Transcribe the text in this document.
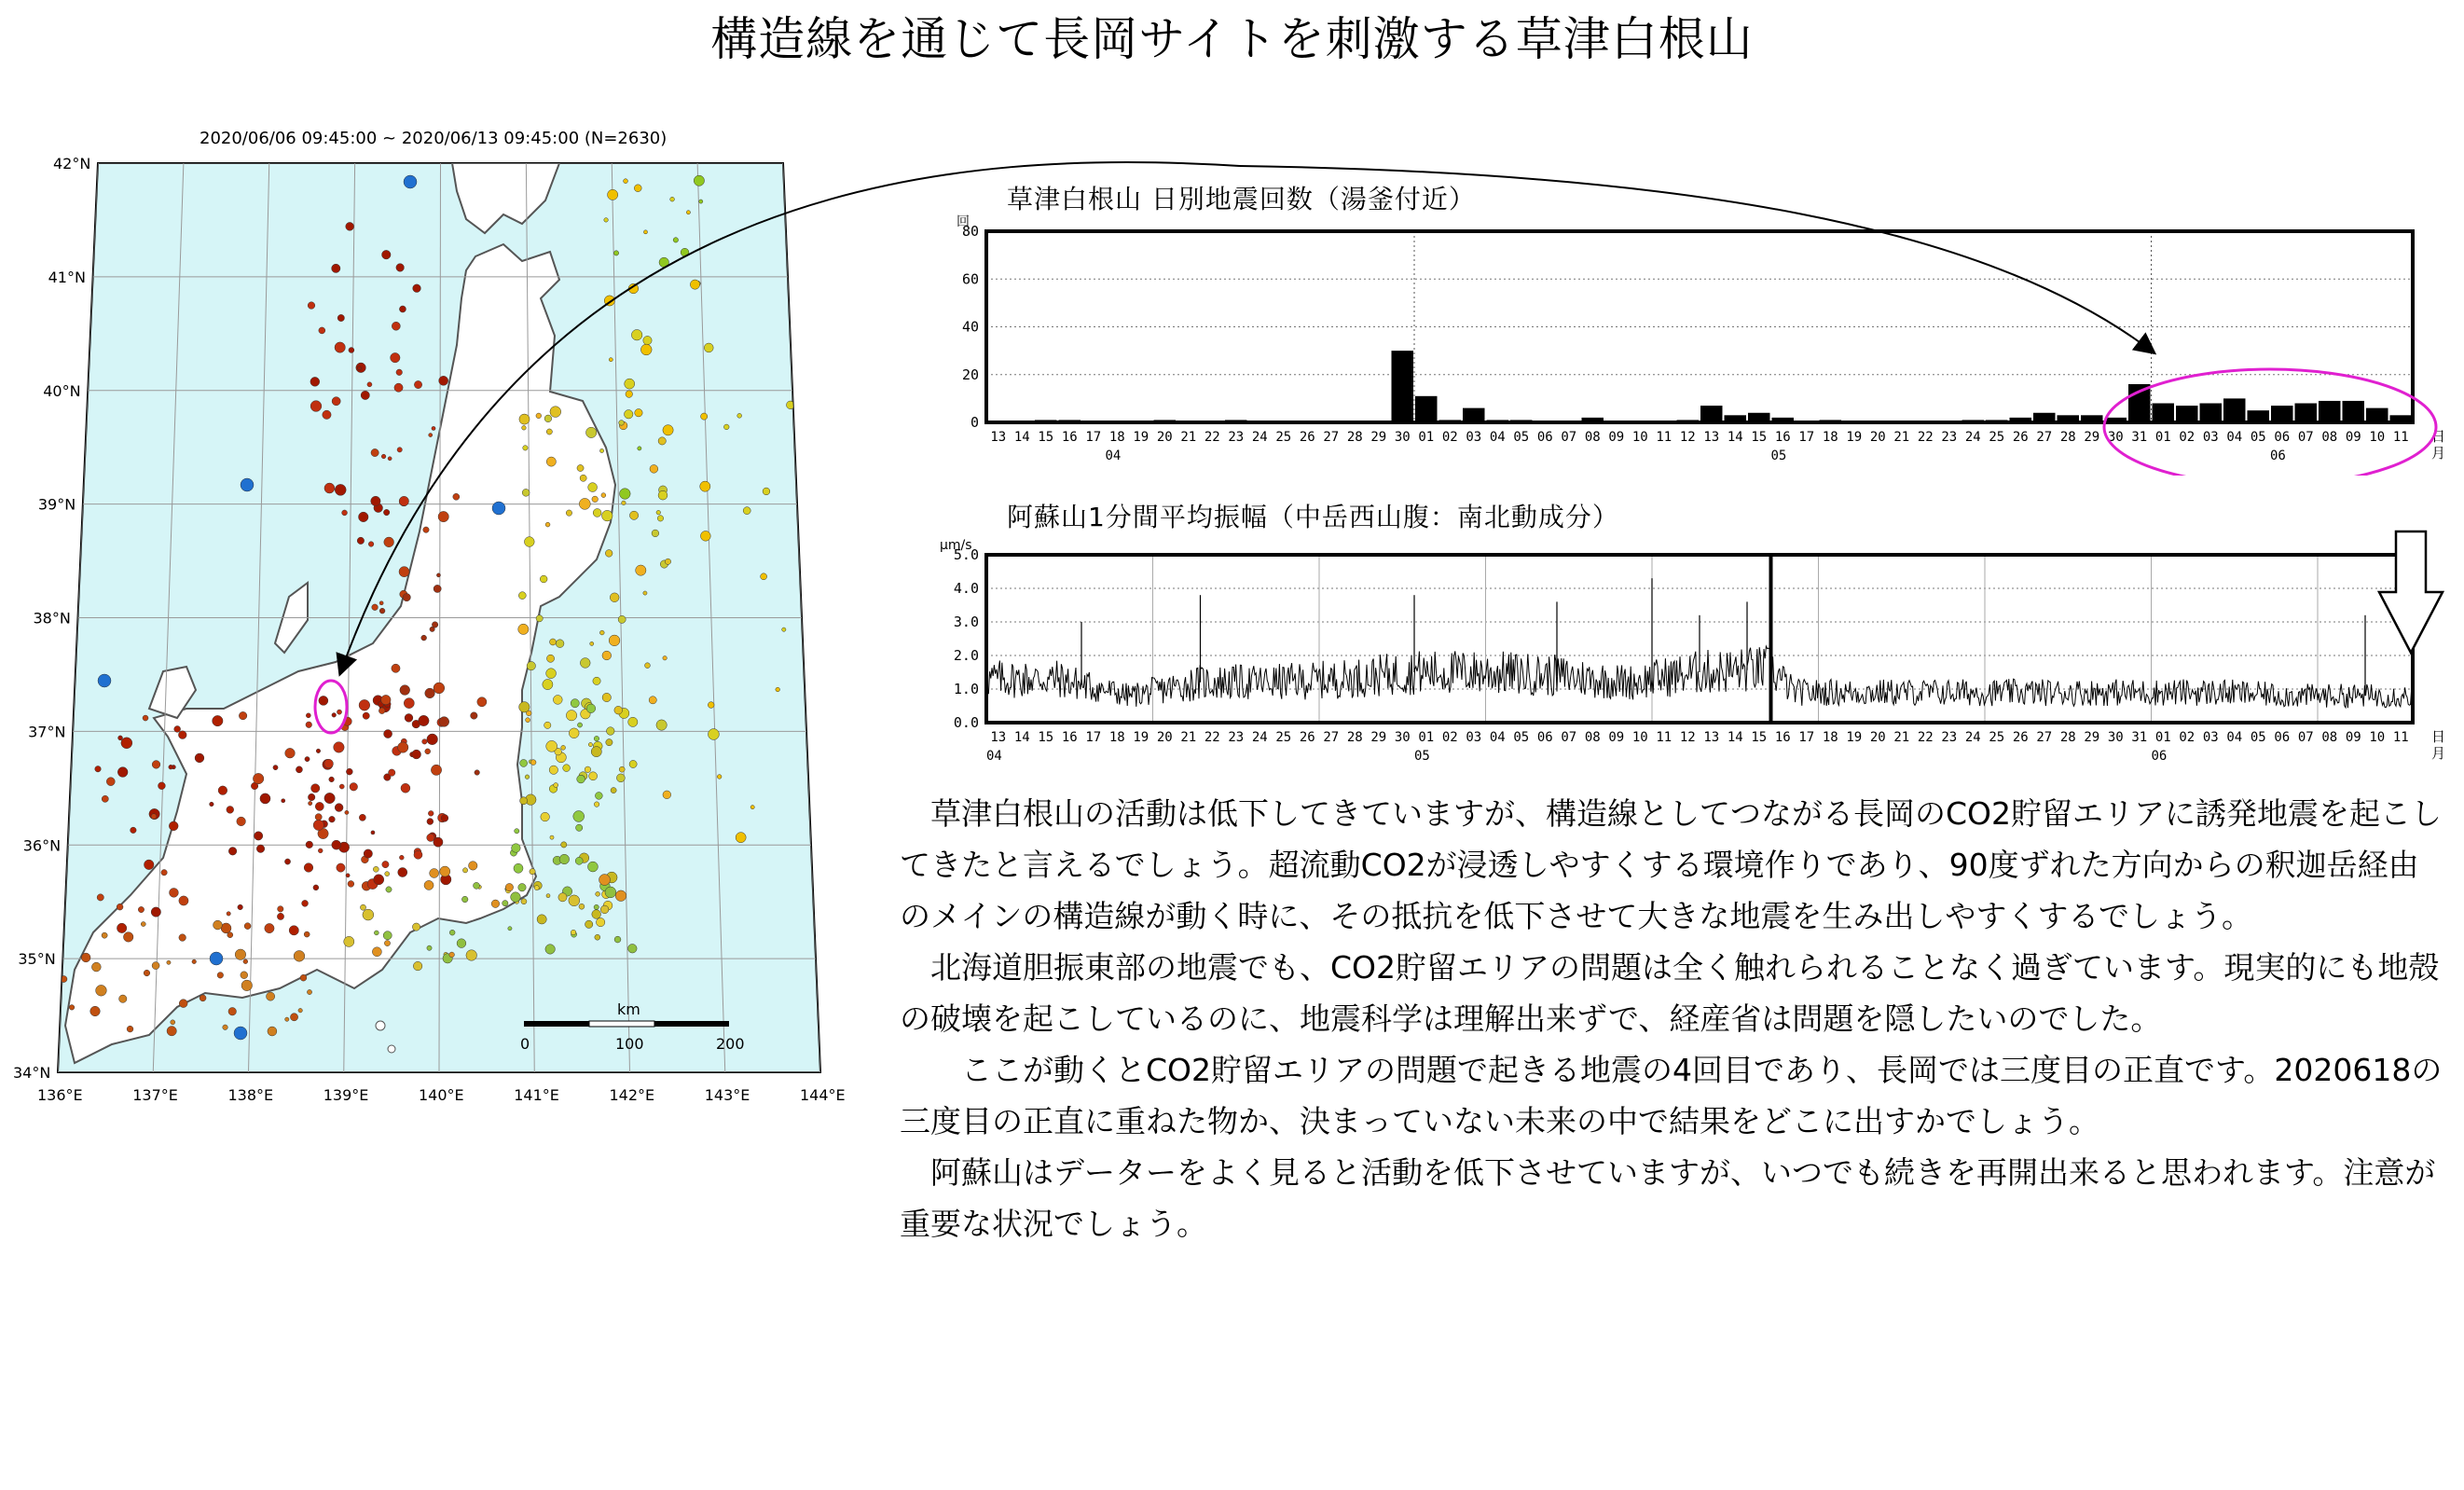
構造線を通じて長岡サイトを刺激する草津白根山
2020/06/06 09:45:00 ~ 2020/06/13 09:45:00 (N=2630)
42°N
41°N
40°N
39°N
38°N
37°N
36°N
35°N
34°N
136°E	137°E	138°E	139°E	140°E	141°E	142°E	143°E	144°E
km
0	100	200
草津白根山 日別地震回数（湯釜付近）
0
20
40
60
80
回
13 14 15 16 17 18 19 20 21 22 23 24 25 26 27 28 29 30 01 02 03 04 05 06 07 08 09 10 11 12 13 14 15 16 17 18 19 20 21 22 23 24 25 26 27 28 29 30 31 01 02 03 04 05 06 07 08 09 10 11
04	05	06
日
月
阿蘇山1分間平均振幅（中岳西山腹：南北動成分）
0.0
1.0
2.0
3.0
4.0
5.0
μm/s
13 14 15 16 17 18 19 20 21 22 23 24 25 26 27 28 29 30 01 02 03 04 05 06 07 08 09 10 11 12 13 14 15 16 17 18 19 20 21 22 23 24 25 26 27 28 29 30 31 01 02 03 04 05 06 07 08 09 10 11
04	05	06
日
月

　草津白根山の活動は低下してきていますが、構造線としてつながる長岡のCO2貯留エリアに誘発地震を起こしてきたと言えるでしょう。超流動CO2が浸透しやすくする環境作りであり、90度ずれた方向からの釈迦岳経由のメインの構造線が動く時に、その抵抗を低下させて大きな地震を生み出しやすくするでしょう。

　北海道胆振東部の地震でも、CO2貯留エリアの問題は全く触れられることなく過ぎています。現実的にも地殻の破壊を起こしているのに、地震科学は理解出来ずで、経産省は問題を隠したいのでした。

　　ここが動くとCO2貯留エリアの問題で起きる地震の4回目であり、長岡では三度目の正直です。2020618の三度目の正直に重ねた物か、決まっていない未来の中で結果をどこに出すかでしょう。

　阿蘇山はデーターをよく見ると活動を低下させていますが、いつでも続きを再開出来ると思われます。注意が重要な状況でしょう。
